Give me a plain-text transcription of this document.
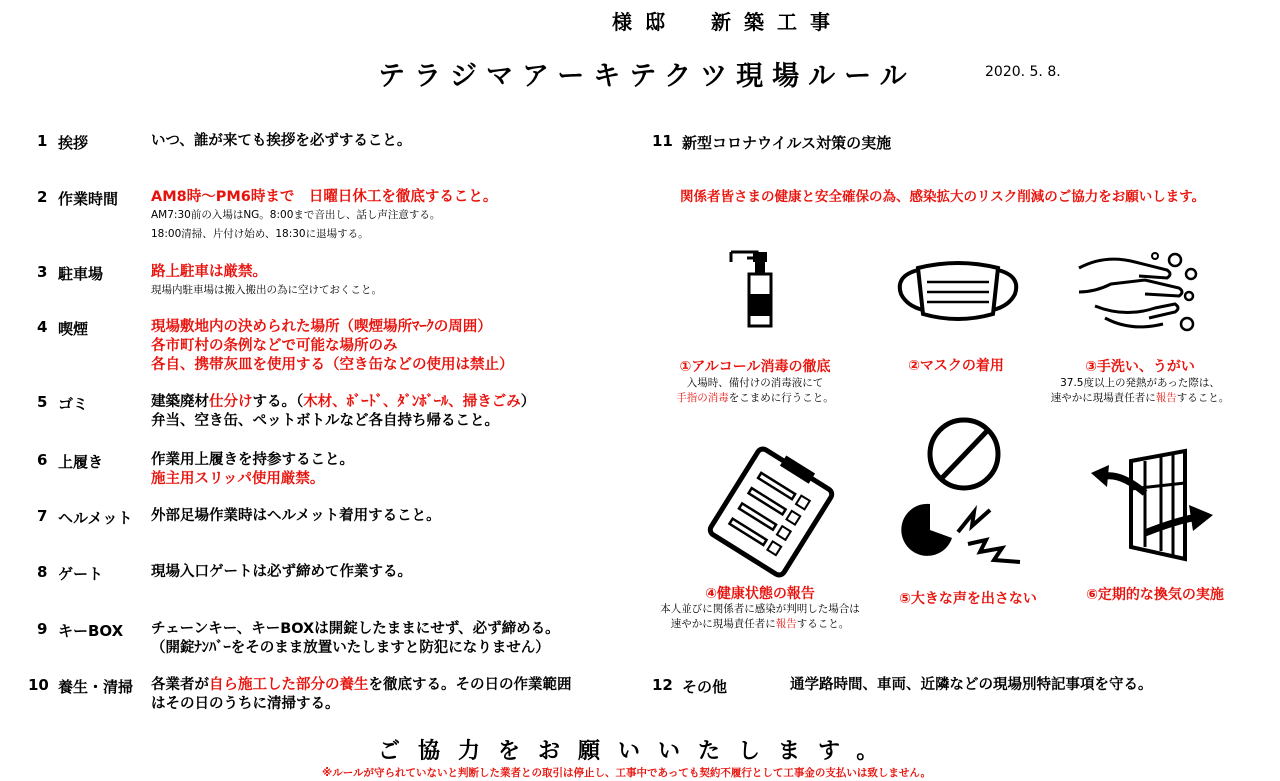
様邸　新築工事
テラジマアーキテクツ現場ルール	2020. 5. 8.
1 挨拶	いつ、誰が来ても挨拶を必ずすること。
2 作業時間 AM8時～PM6時まで　日曜日休工を徹底すること。
AM7:30前の入場はNG。8:00まで音出し、話し声注意する。
18:00清掃、片付け始め、18:30に退場する。
3 駐車場	路上駐車は厳禁。
現場内駐車場は搬入搬出の為に空けておくこと。
4 喫煙	現場敷地内の決められた場所（喫煙場所ﾏｰｸの周囲）
各市町村の条例などで可能な場所のみ
各自、携帯灰皿を使用する（空き缶などの使用は禁止）
5 ゴミ	建築廃材仕分けする。（木材、ﾎﾞｰﾄﾞ、ﾀﾞﾝﾎﾞｰﾙ、掃きごみ）
弁当、空き缶、ペットボトルなど各自持ち帰ること。
6 上履き	作業用上履きを持参すること。
施主用スリッパ使用厳禁。
7 ヘルメット 外部足場作業時はヘルメット着用すること。
8 ゲート	現場入口ゲートは必ず締めて作業する。
9 キーBOX チェーンキー、キーBOXは開錠したままにせず、必ず締める。
（開錠ﾅﾝﾊﾞｰをそのまま放置いたしますと防犯になりません）
10 養生・清掃 各業者が自ら施工した部分の養生を徹底する。その日の作業範囲
はその日のうちに清掃する。
11 新型コロナウイルス対策の実施
関係者皆さまの健康と安全確保の為、感染拡大のリスク削減のご協力をお願いします。
①アルコール消毒の徹底
入場時、備付けの消毒液にて
手指の消毒をこまめに行うこと。
②マスクの着用	③手洗い、うがい
37.5度以上の発熱があった際は、
速やかに現場責任者に報告すること。
④健康状態の報告
本人並びに関係者に感染が判明した場合は
速やかに現場責任者に報告すること。
⑤大きな声を出さない	⑥定期的な換気の実施
12 その他	通学路時間、車両、近隣などの現場別特記事項を守る。
ご協力をお願いいたします。
※ルールが守られていないと判断した業者との取引は停止し、工事中であっても契約不履行として工事金の支払いは致しません。
